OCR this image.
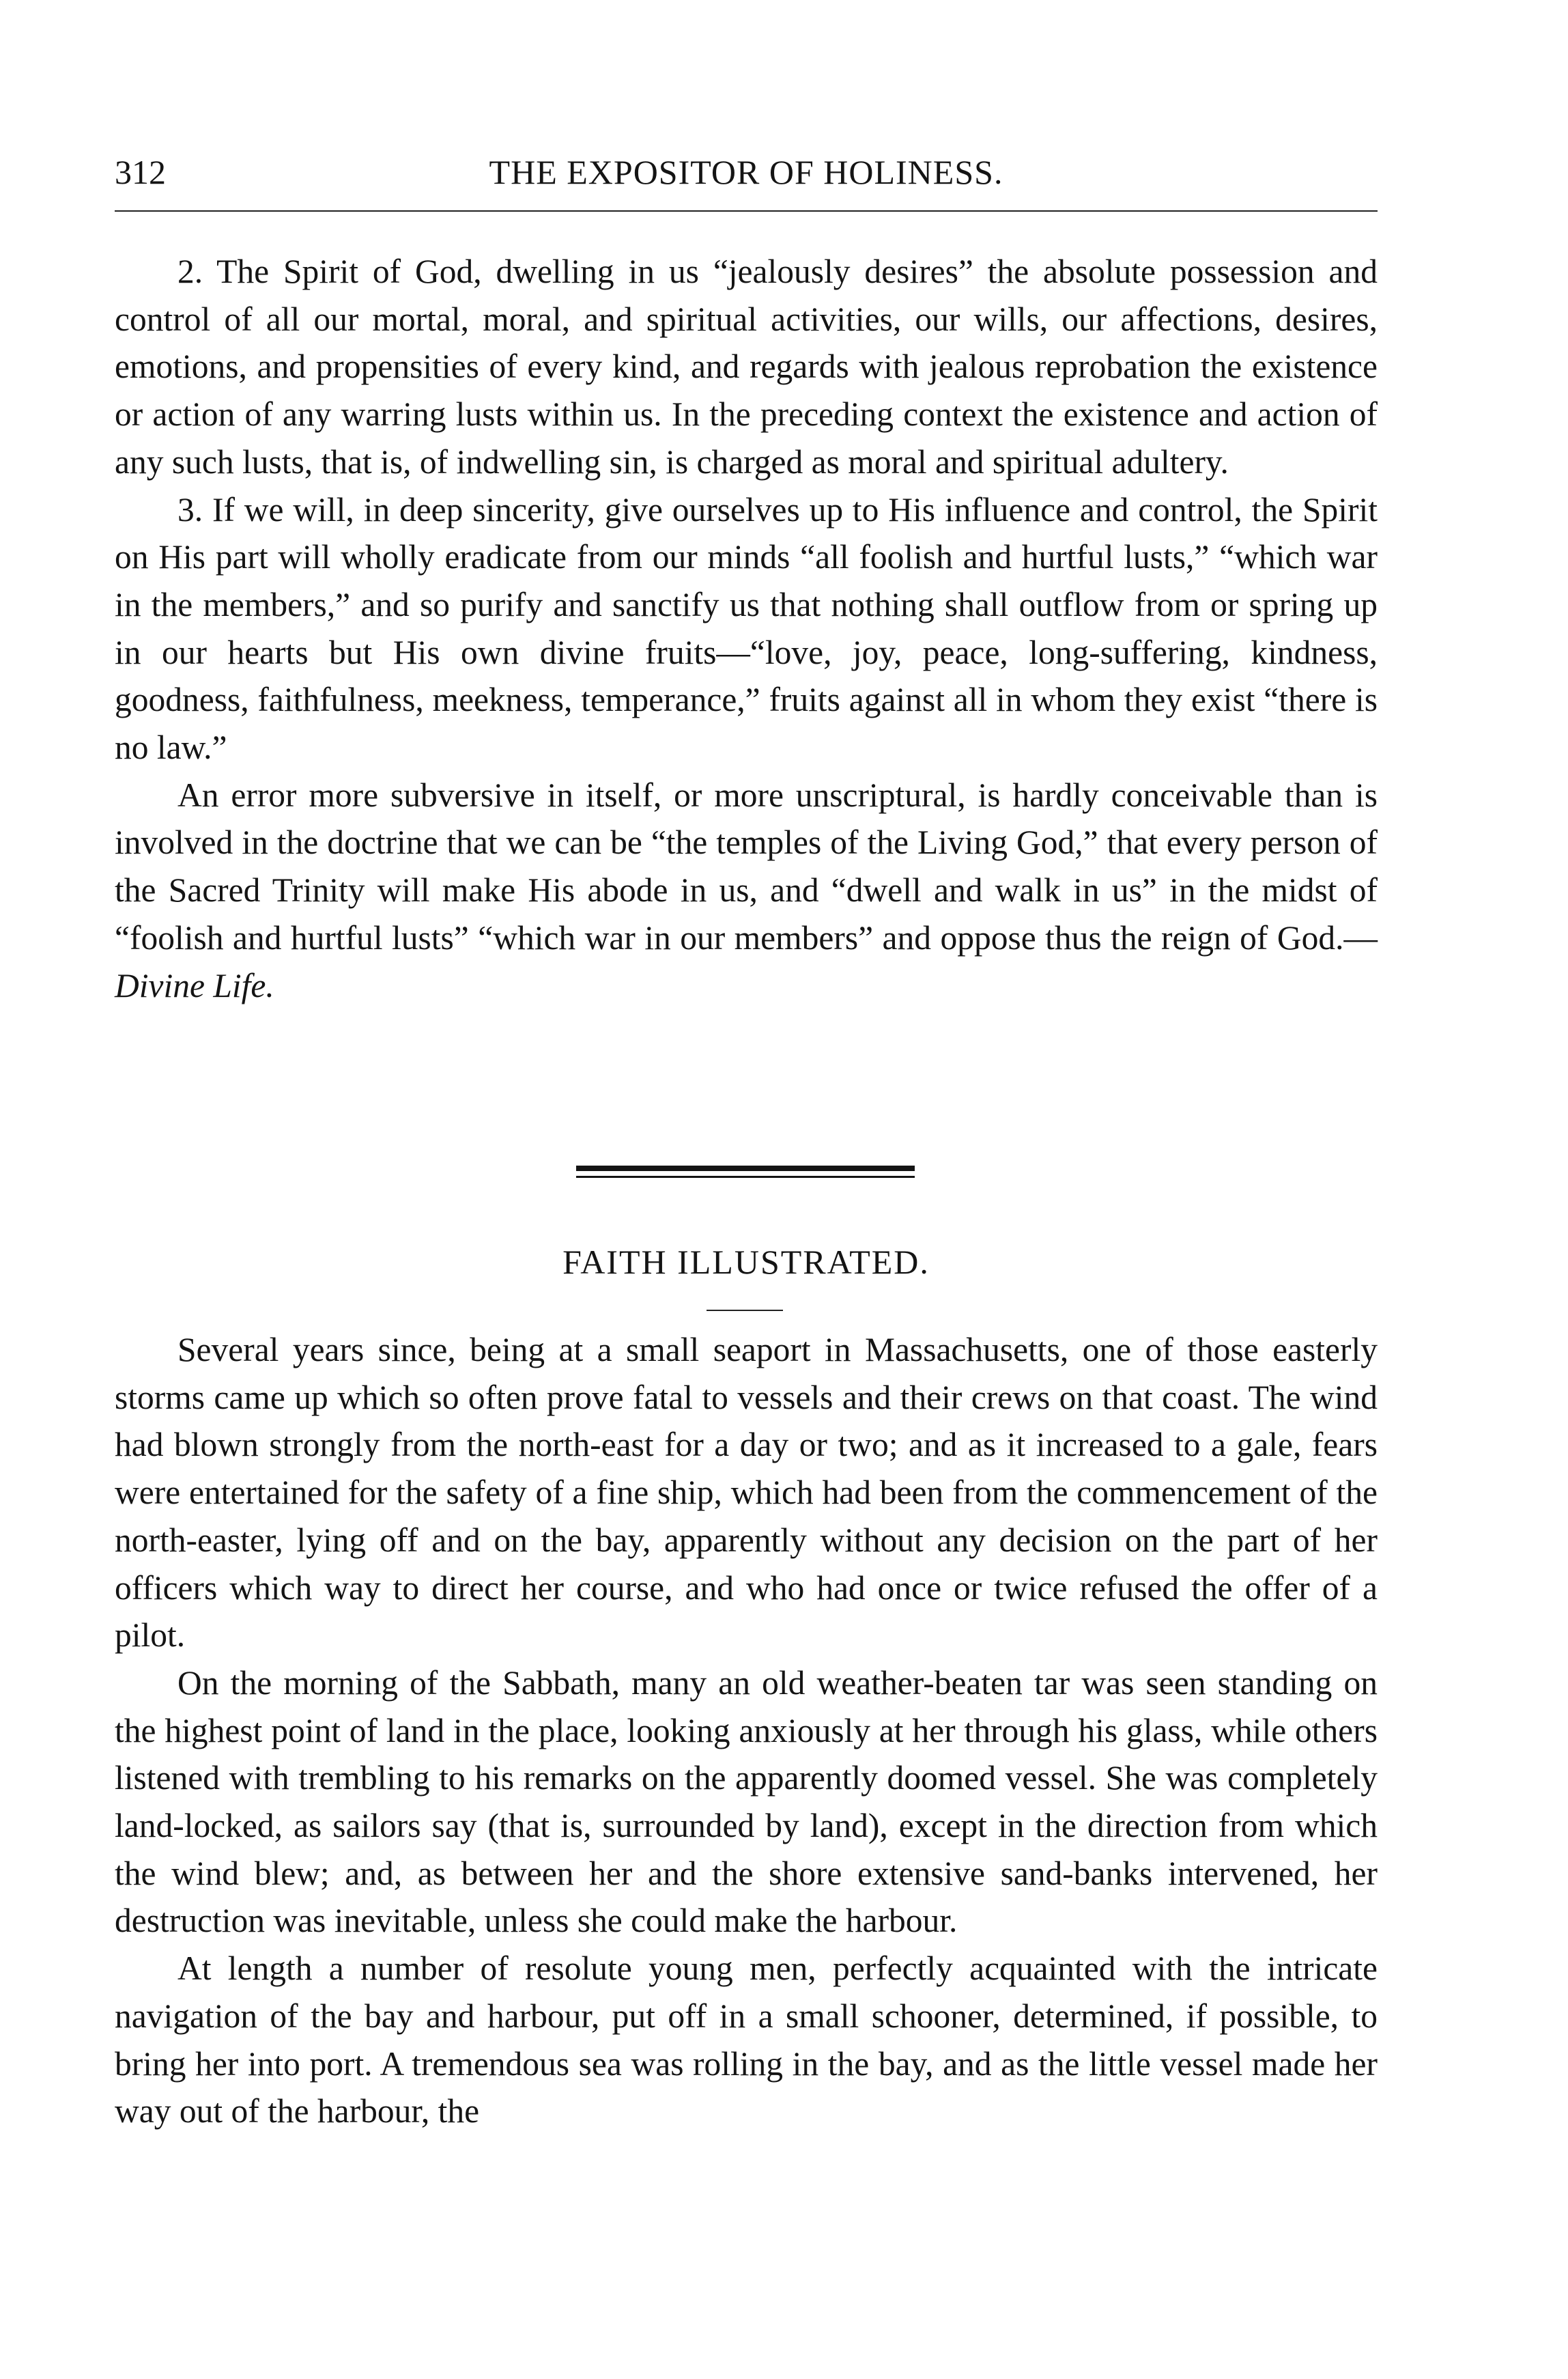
312	THE EXPOSITOR OF HOLINESS.

2. The Spirit of God, dwelling in us “jealously desires” the absolute possession and control of all our mortal, moral, and spiritual activities, our wills, our affections, desires, emotions, and propensities of every kind, and regards with jealous reprobation the existence or action of any warring lusts within us. In the preceding context the existence and action of any such lusts, that is, of indwelling sin, is charged as moral and spiritual adultery.

3. If we will, in deep sincerity, give ourselves up to His influence and control, the Spirit on His part will wholly eradicate from our minds “all foolish and hurtful lusts,” “which war in the members,” and so purify and sanctify us that nothing shall outflow from or spring up in our hearts but His own divine fruits—“love, joy, peace, long-suffering, kindness, goodness, faithfulness, meekness, temperance,” fruits against all in whom they exist “there is no law.”

An error more subversive in itself, or more unscriptural, is hardly conceivable than is involved in the doctrine that we can be “the temples of the Living God,” that every person of the Sacred Trinity will make His abode in us, and “dwell and walk in us” in the midst of “foolish and hurtful lusts” “which war in our members” and oppose thus the reign of God.—Divine Life.

FAITH ILLUSTRATED.

Several years since, being at a small seaport in Massachusetts, one of those easterly storms came up which so often prove fatal to vessels and their crews on that coast. The wind had blown strongly from the north-east for a day or two; and as it increased to a gale, fears were entertained for the safety of a fine ship, which had been from the commencement of the north-easter, lying off and on the bay, apparently without any decision on the part of her officers which way to direct her course, and who had once or twice refused the offer of a pilot.

On the morning of the Sabbath, many an old weather-beaten tar was seen standing on the highest point of land in the place, looking anxiously at her through his glass, while others listened with trembling to his remarks on the apparently doomed vessel. She was completely land-locked, as sailors say (that is, surrounded by land), except in the direction from which the wind blew; and, as between her and the shore extensive sand-banks intervened, her destruction was inevitable, unless she could make the harbour.

At length a number of resolute young men, perfectly acquainted with the intricate navigation of the bay and harbour, put off in a small schooner, determined, if possible, to bring her into port. A tremendous sea was rolling in the bay, and as the little vessel made her way out of the harbour, the
